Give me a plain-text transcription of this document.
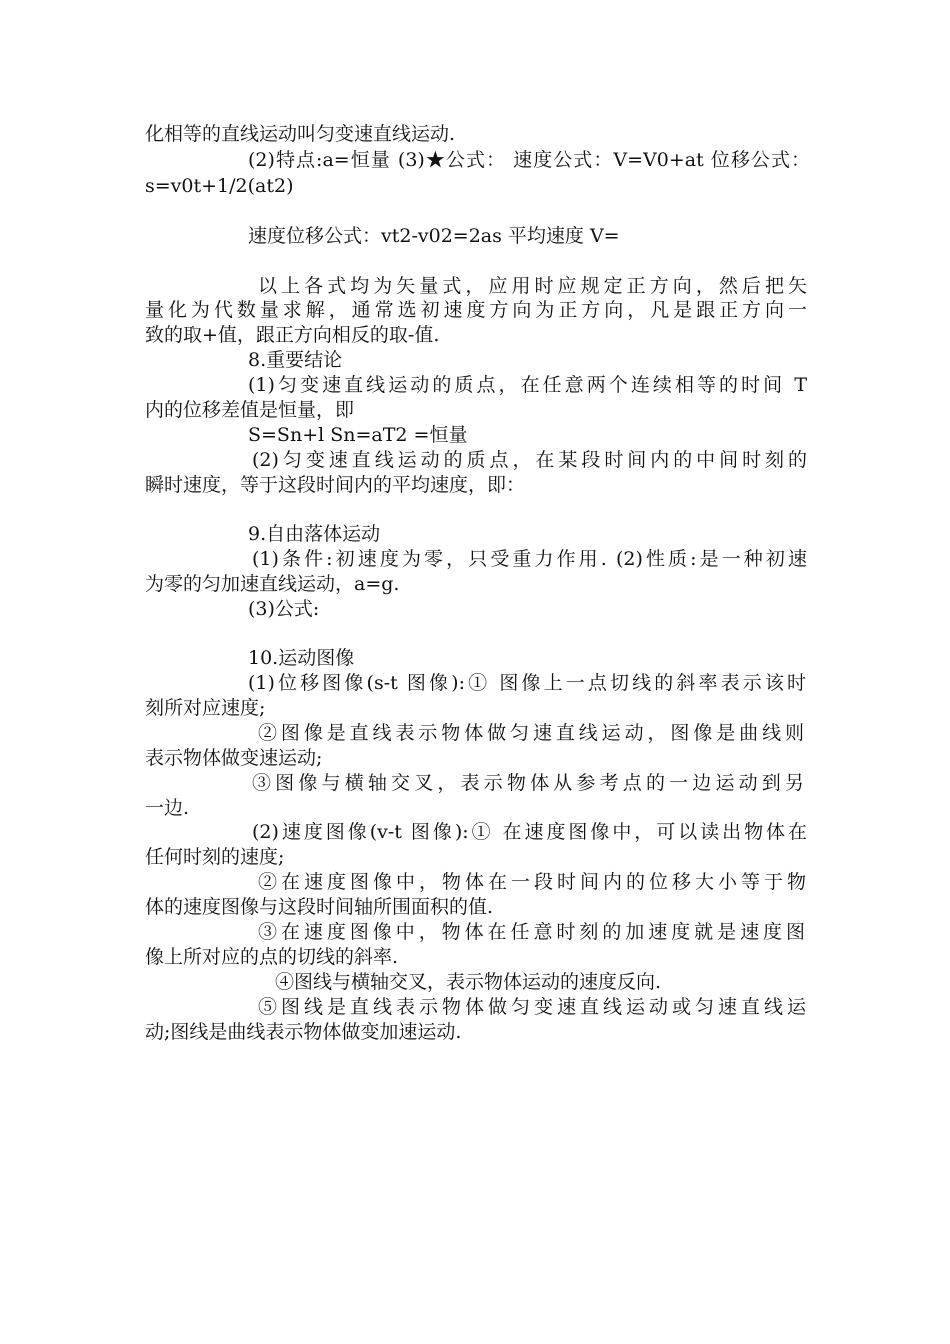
化相等的直线运动叫匀变速直线运动.
(2)特点:a=恒量 (3)★公式： 速度公式：V=V0+at 位移公式：
s=v0t+1/2(at2)
速度位移公式：vt2-v02=2as 平均速度 V=
以上各式均为矢量式，应用时应规定正方向，然后把矢
量化为代数量求解，通常选初速度方向为正方向，凡是跟正方向一
致的取+值，跟正方向相反的取-值.
8.重要结论
(1)匀变速直线运动的质点，在任意两个连续相等的时间 T
内的位移差值是恒量，即
S=Sn+l Sn=aT2 =恒量
(2)匀变速直线运动的质点，在某段时间内的中间时刻的
瞬时速度，等于这段时间内的平均速度，即：
9.自由落体运动
(1)条件:初速度为零，只受重力作用. (2)性质:是一种初速
为零的匀加速直线运动，a=g.
(3)公式:
10.运动图像
(1)位移图像(s-t 图像):① 图像上一点切线的斜率表示该时
刻所对应速度;
②图像是直线表示物体做匀速直线运动，图像是曲线则
表示物体做变速运动;
③图像与横轴交叉，表示物体从参考点的一边运动到另
一边.
(2)速度图像(v-t 图像):① 在速度图像中，可以读出物体在
任何时刻的速度;
②在速度图像中，物体在一段时间内的位移大小等于物
体的速度图像与这段时间轴所围面积的值.
③在速度图像中，物体在任意时刻的加速度就是速度图
像上所对应的点的切线的斜率.
④图线与横轴交叉，表示物体运动的速度反向.
⑤图线是直线表示物体做匀变速直线运动或匀速直线运
动;图线是曲线表示物体做变加速运动.
